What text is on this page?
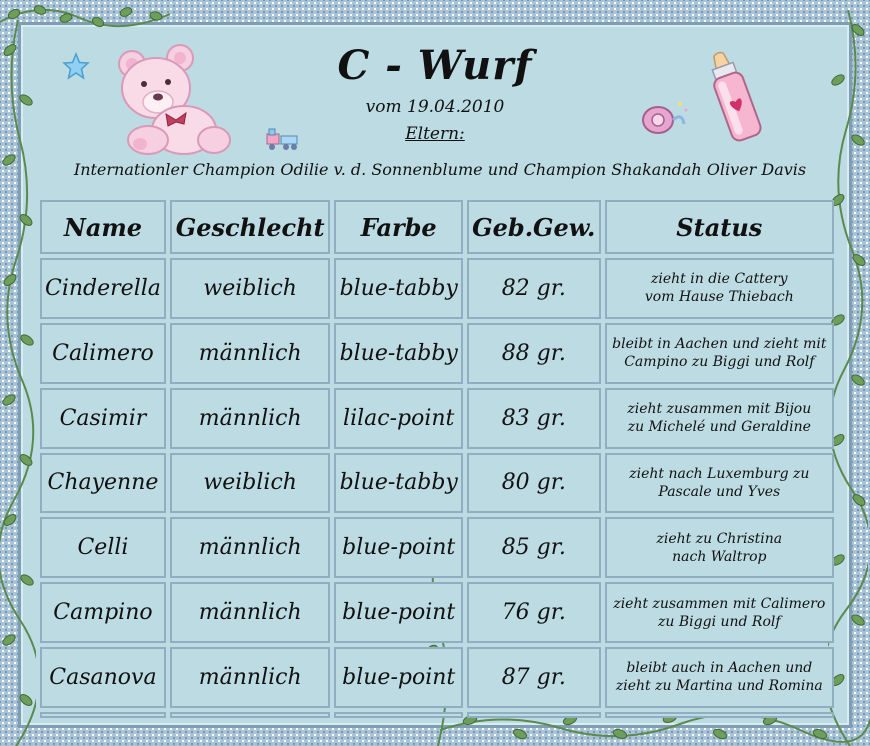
C - Wurf
vom 19.04.2010
Eltern:
Internationler Champion Odilie v. d. Sonnenblume und Champion Shakandah Oliver Davis
Name	Geschlecht	Farbe	Geb.Gew.	Status
Cinderella	weiblich	blue-tabby	82 gr.	zieht in die Cattery
vom Hause Thiebach

Calimero	männlich	blue-tabby	88 gr.	bleibt in Aachen und zieht mit
Campino zu Biggi und Rolf

Casimir	männlich	lilac-point	83 gr.	zieht zusammen mit Bijou
zu Michelé und Geraldine

Chayenne	weiblich	blue-tabby	80 gr.	zieht nach Luxemburg zu
Pascale und Yves

Celli	männlich	blue-point	85 gr.	zieht zu Christina
nach Waltrop

Campino	männlich	blue-point	76 gr.	zieht zusammen mit Calimero
zu Biggi und Rolf

Casanova	männlich	blue-point	87 gr.	bleibt auch in Aachen und
zieht zu Martina und Romina
